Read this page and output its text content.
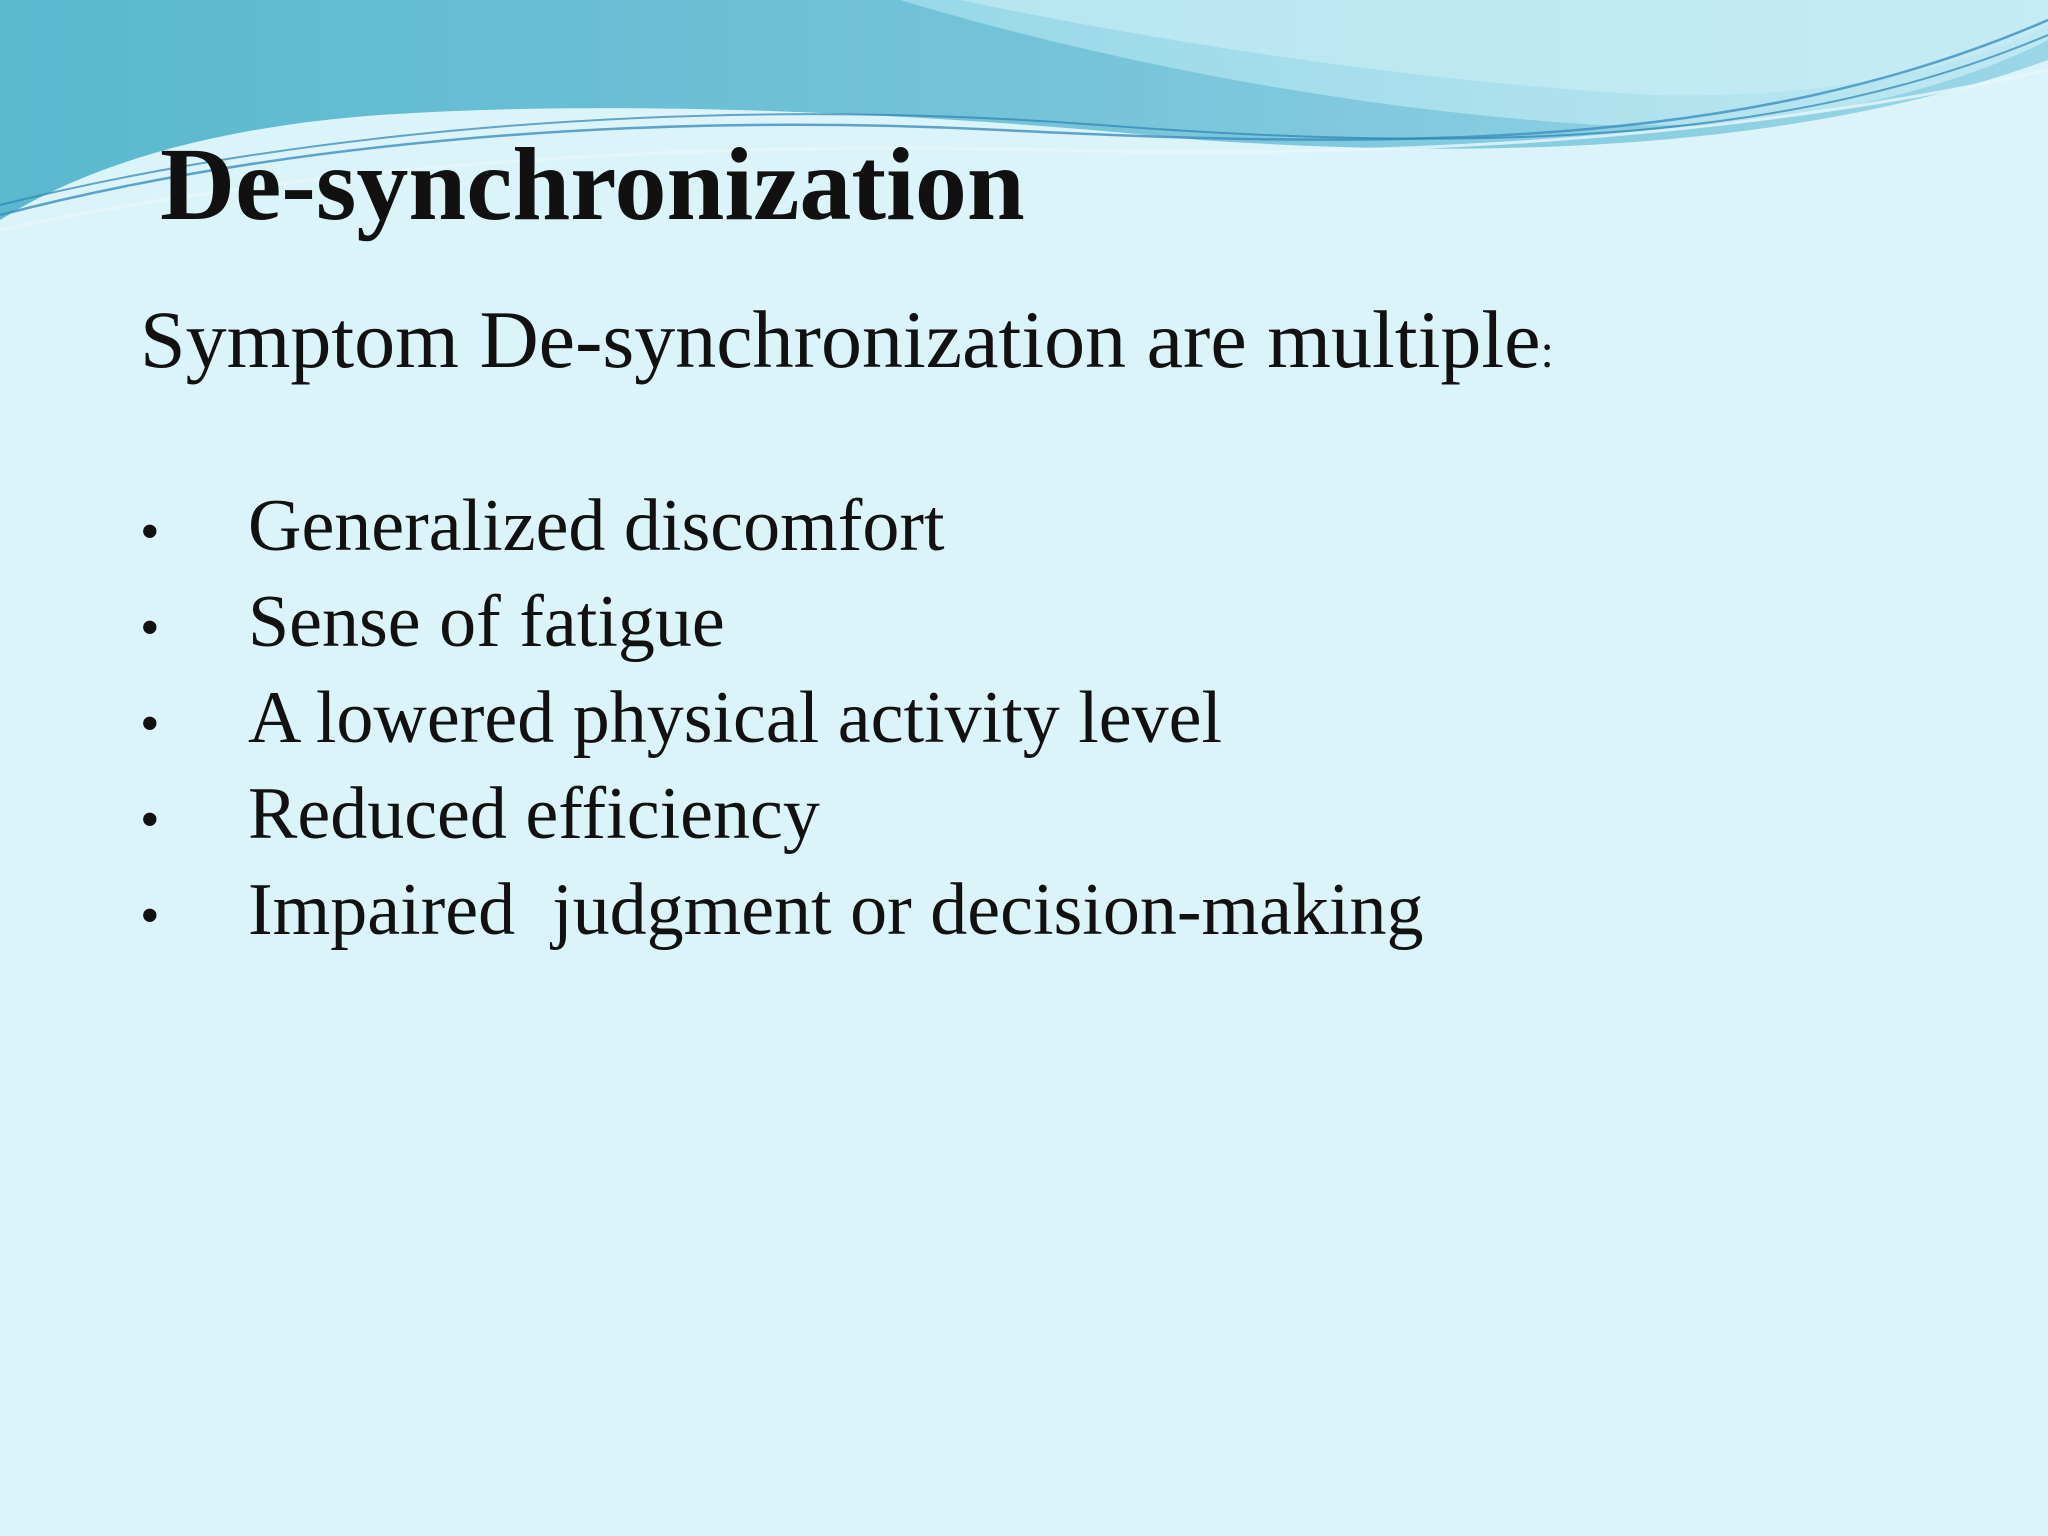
De-synchronization

Symptom De-synchronization are multiple:

•	Generalized discomfort
•	Sense of fatigue
•	A lowered physical activity level
•	Reduced efficiency
•	Impaired  judgment or decision-making
